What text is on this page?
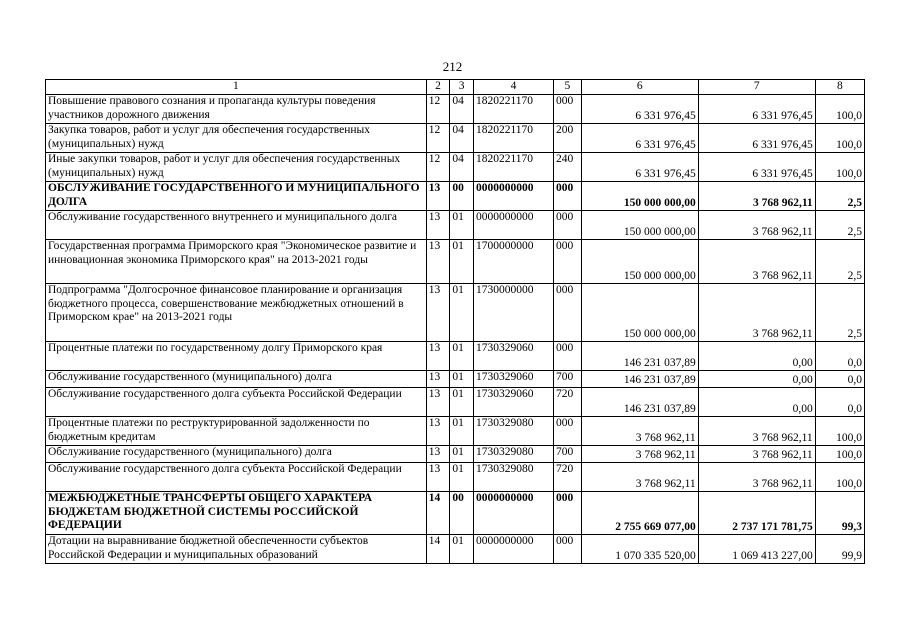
212
1	2	3	4	5	6	7	8
Повышение правового сознания и пропаганда культуры поведения участников дорожного движения	12	04	1820221170	000	6 331 976,45	6 331 976,45	100,0
Закупка товаров, работ и услуг для обеспечения государственных (муниципальных) нужд	12	04	1820221170	200	6 331 976,45	6 331 976,45	100,0
Иные закупки товаров, работ и услуг для обеспечения государственных (муниципальных) нужд	12	04	1820221170	240	6 331 976,45	6 331 976,45	100,0
ОБСЛУЖИВАНИЕ ГОСУДАРСТВЕННОГО И МУНИЦИПАЛЬНОГО ДОЛГА	13	00	0000000000	000	150 000 000,00	3 768 962,11	2,5
Обслуживание государственного внутреннего и муниципального долга	13	01	0000000000	000	150 000 000,00	3 768 962,11	2,5
Государственная программа Приморского края "Экономическое развитие и инновационная экономика Приморского края" на 2013-2021 годы	13	01	1700000000	000	150 000 000,00	3 768 962,11	2,5
Подпрограмма "Долгосрочное финансовое планирование и организация бюджетного процесса, совершенствование межбюджетных отношений в Приморском крае" на 2013-2021 годы	13	01	1730000000	000	150 000 000,00	3 768 962,11	2,5
Процентные платежи по государственному долгу Приморского края	13	01	1730329060	000	146 231 037,89	0,00	0,0
Обслуживание государственного (муниципального) долга	13	01	1730329060	700	146 231 037,89	0,00	0,0
Обслуживание государственного долга субъекта Российской Федерации	13	01	1730329060	720	146 231 037,89	0,00	0,0
Процентные платежи по реструктурированной задолженности по бюджетным кредитам	13	01	1730329080	000	3 768 962,11	3 768 962,11	100,0
Обслуживание государственного (муниципального) долга	13	01	1730329080	700	3 768 962,11	3 768 962,11	100,0
Обслуживание государственного долга субъекта Российской Федерации	13	01	1730329080	720	3 768 962,11	3 768 962,11	100,0
МЕЖБЮДЖЕТНЫЕ ТРАНСФЕРТЫ ОБЩЕГО ХАРАКТЕРА БЮДЖЕТАМ БЮДЖЕТНОЙ СИСТЕМЫ РОССИЙСКОЙ ФЕДЕРАЦИИ	14	00	0000000000	000	2 755 669 077,00	2 737 171 781,75	99,3
Дотации на выравнивание бюджетной обеспеченности субъектов Российской Федерации и муниципальных образований	14	01	0000000000	000	1 070 335 520,00	1 069 413 227,00	99,9
